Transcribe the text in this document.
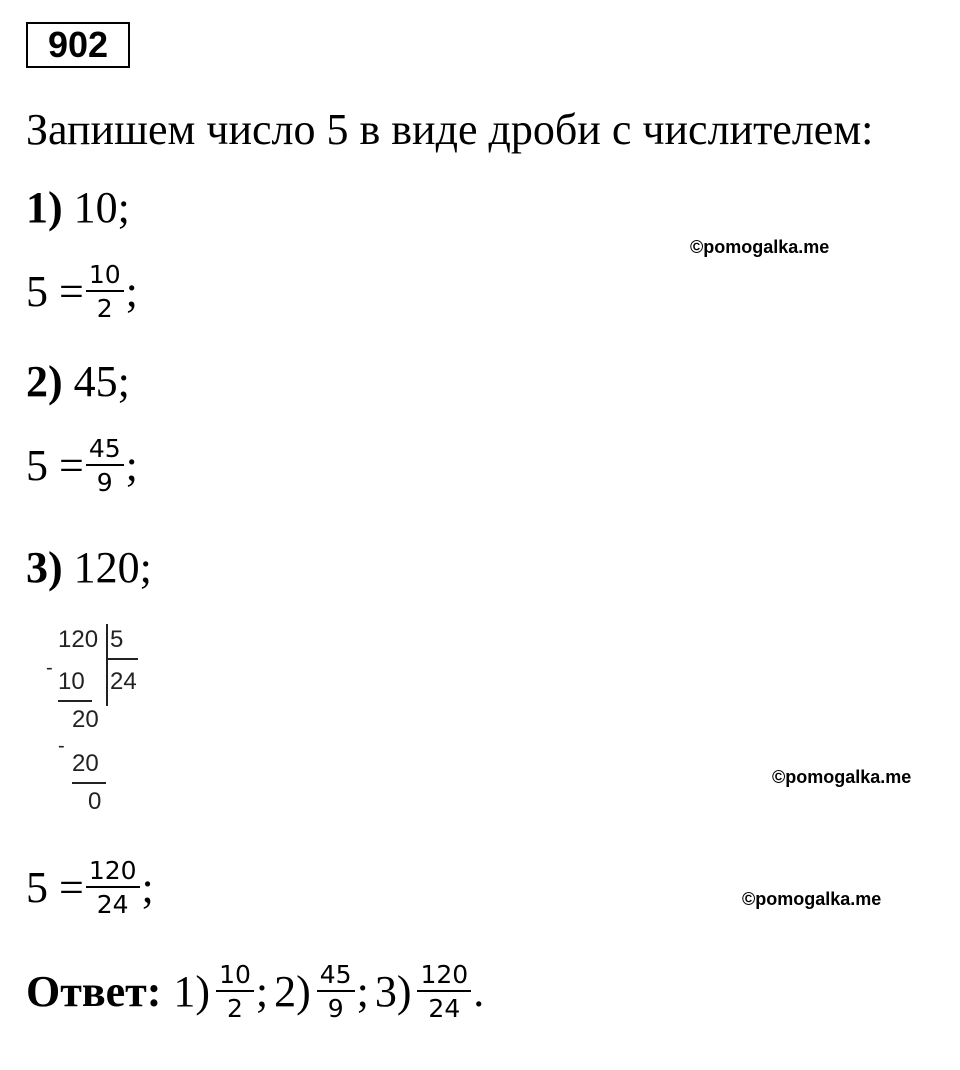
902
Запишем число 5 в виде дроби с числителем:
1) 10;
$5 = \frac{10}{2}$ ;
©pomogalka.me
2) 45;
$5 = \frac{45}{9}$ ;
3) 120;
120 5
- 10 24
20
-
20
0
©pomogalka.me
$5 = \frac{120}{24}$ ;	©pomogalka.me
Ответ: $1) \frac{10}{2}$ ; $2) \frac{45}{9}$ ; $3) \frac{120}{24}$ .
